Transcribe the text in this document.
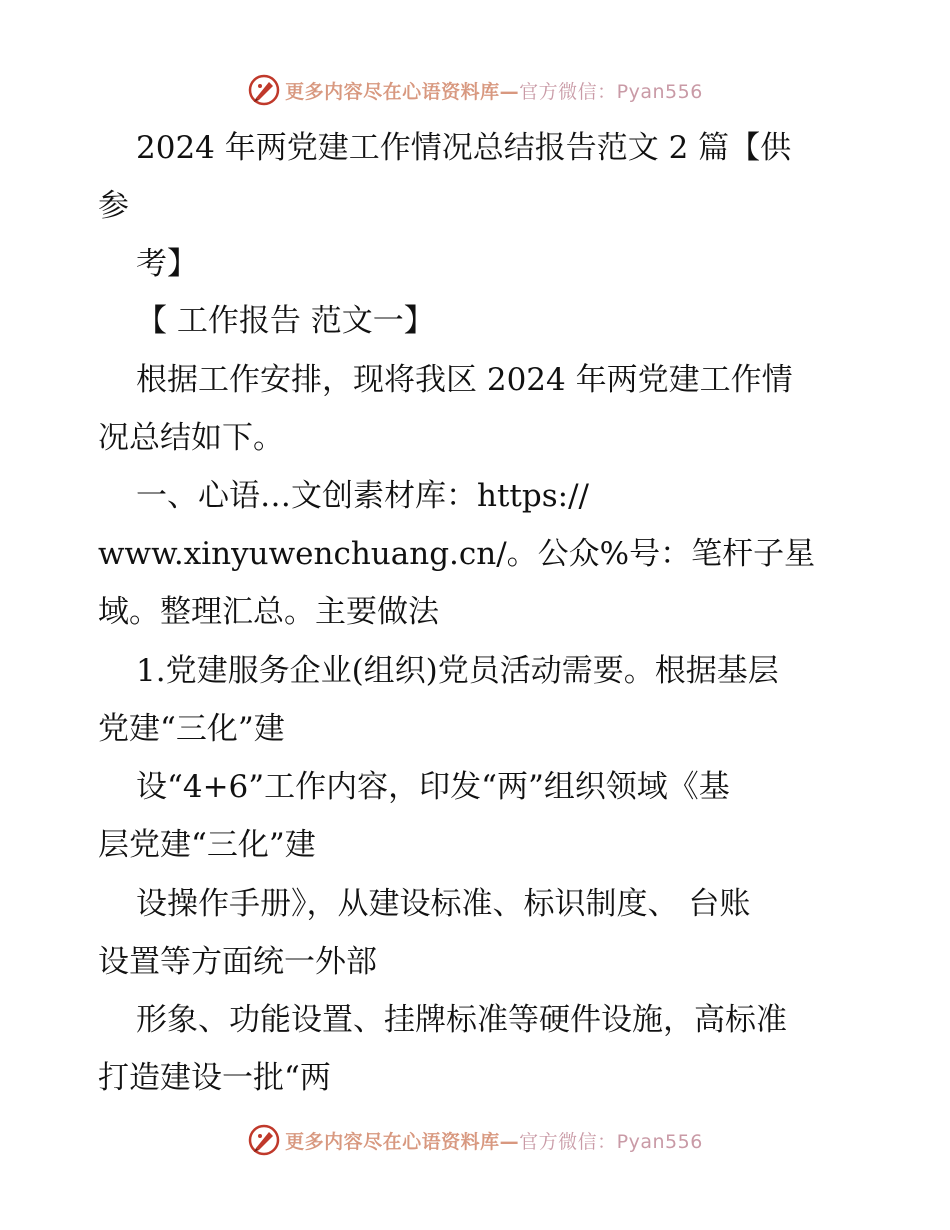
更多内容尽在心语资料库—官方微信：Pyan556
2024 年两党建工作情况总结报告范文 2 篇【供
参
考】
【 工作报告 范文一】
根据工作安排，现将我区 2024 年两党建工作情
况总结如下。
一、心语…文创素材库：https://
www.xinyuwenchuang.cn/。公众%号：笔杆子星
域。整理汇总。主要做法
1.党建服务企业(组织)党员活动需要。根据基层
党建“三化”建
设“4+6”工作内容，印发“两”组织领域《基
层党建“三化”建
设操作手册》，从建设标准、标识制度、 台账
设置等方面统一外部
形象、功能设置、挂牌标准等硬件设施，高标准
打造建设一批“两
更多内容尽在心语资料库—官方微信：Pyan556
